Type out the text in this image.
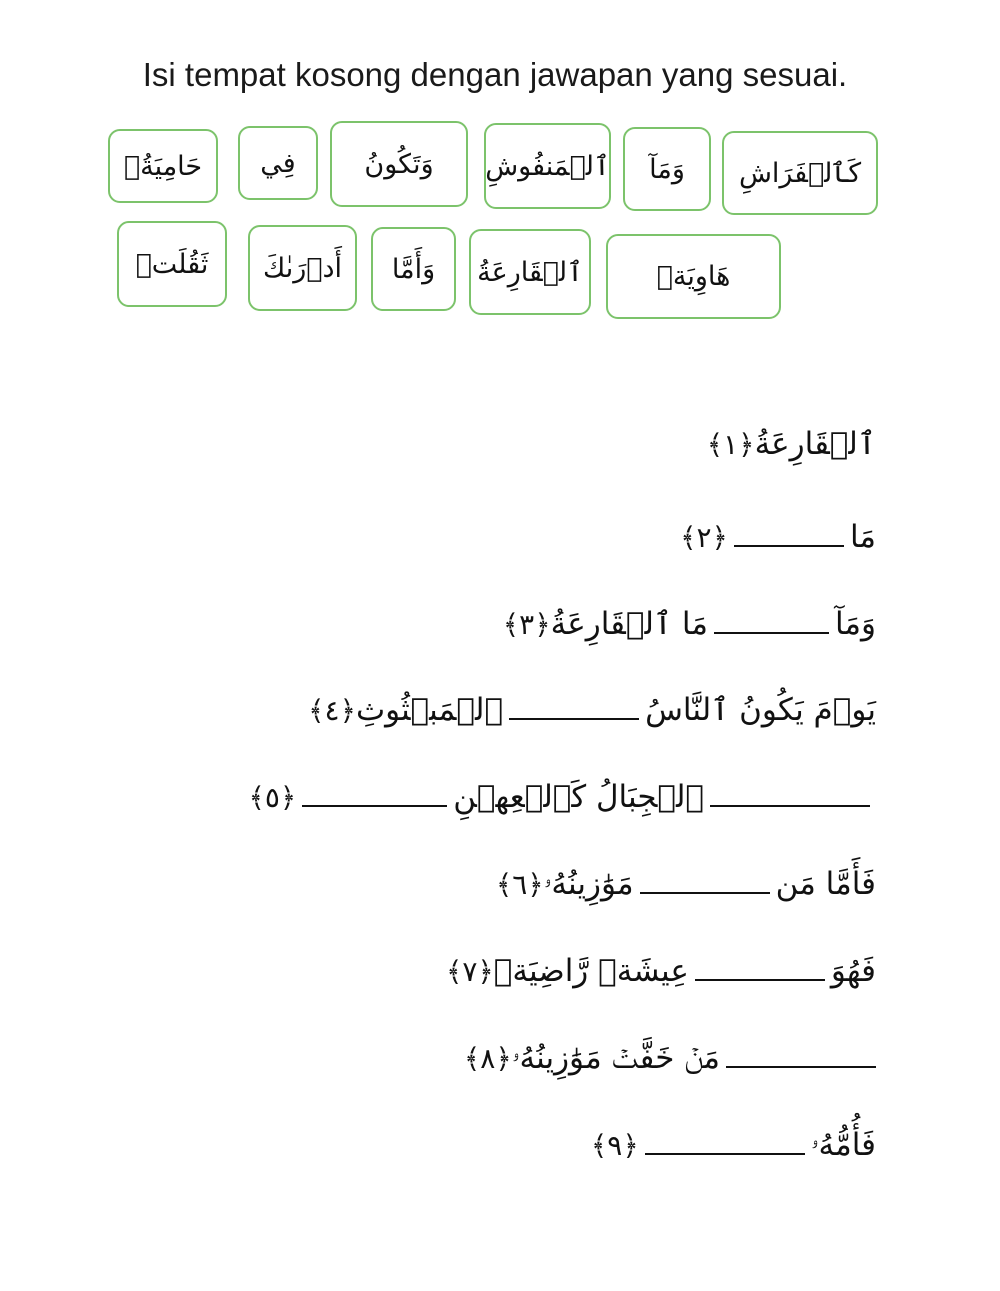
Isi tempat kosong dengan jawapan yang sesuai.
حَامِيَةُۢ	فِي	وَتَكُونُ	ٱلۡمَنفُوشِ	وَمَآ	كَٱلۡفَرَاشِ
ثَقُلَتۡ	أَدۡرَىٰكَ	وَأَمَّا	ٱلۡقَارِعَةُ	هَاوِيَةٞ
ٱلۡقَارِعَةُ﴿١﴾
مَا﴿٢﴾
وَمَآمَا ٱلۡقَارِعَةُ﴿٣﴾
يَوۡمَ يَكُونُ ٱلنَّاسُٱلۡمَبۡثُوثِ﴿٤﴾
ٱلۡجِبَالُ كَٱلۡعِهۡنِ﴿٥﴾
فَأَمَّا مَنمَوَٰزِينُهُۥ﴿٦﴾
فَهُوَعِيشَةٖ رَّاضِيَةٖ﴿٧﴾
مَنۡ خَفَّتۡ مَوَٰزِينُهُۥ﴿٨﴾
فَأُمُّهُۥ﴿٩﴾
